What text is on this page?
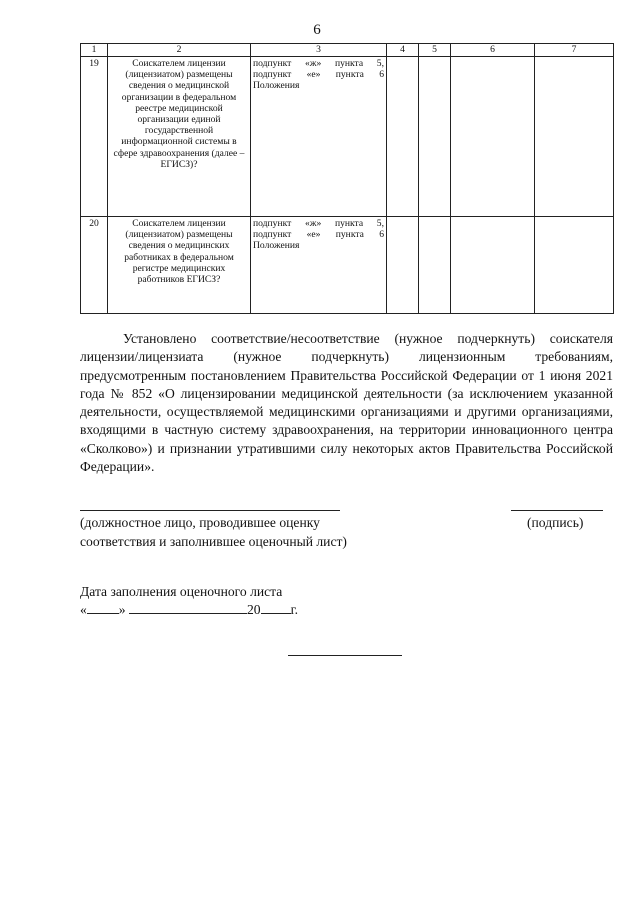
6
1	2	3	4	5	6	7
19	Соискателем лицензии (лицензиатом) размещены сведения о медицинской организации в федеральном реестре медицинской организации единой государственной информационной системы в сфере здравоохранения (далее – ЕГИСЗ)?	подпункт «ж» пункта 5, подпункт «е» пункта 6 Положения				
20	Соискателем лицензии (лицензиатом) размещены сведения о медицинских работниках в федеральном регистре медицинских работников ЕГИСЗ?	подпункт «ж» пункта 5, подпункт «е» пункта 6 Положения				

Установлено соответствие/несоответствие (нужное подчеркнуть) соискателя лицензии/лицензиата (нужное подчеркнуть) лицензионным требованиям, предусмотренным постановлением Правительства Российской Федерации от 1 июня 2021 года № 852 «О лицензировании медицинской деятельности (за исключением указанной деятельности, осуществляемой медицинскими организациями и другими организациями, входящими в частную систему здравоохранения, на территории инновационного центра «Сколково») и признании утратившими силу некоторых актов Правительства Российской Федерации».

(должностное лицо, проводившее оценку соответствия и заполнившее оценочный лист)

(подпись)

Дата заполнения оценочного листа

« »	20 г.
